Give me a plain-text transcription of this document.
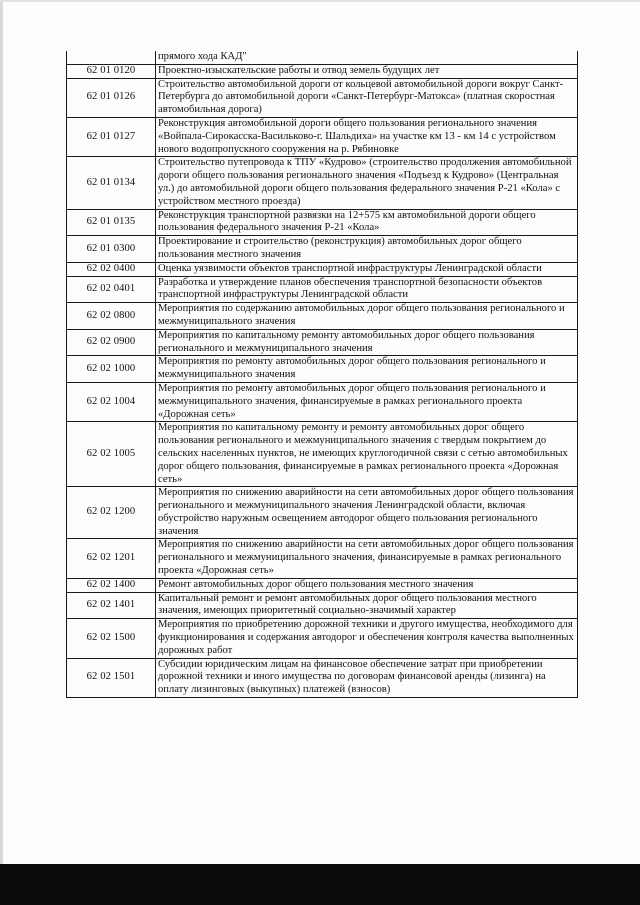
	прямого хода КАД"
62 01 0120	Проектно-изыскательские работы и отвод земель будущих лет
62 01 0126	Строительство автомобильной дороги от кольцевой автомобильной дороги вокруг Санкт-Петербурга до автомобильной дороги «Санкт-Петербург-Матокса» (платная скоростная автомобильная дорога)
62 01 0127	Реконструкция автомобильной дороги общего пользования регионального значения «Войпала-Сирокасска-Васильково-г. Шальдиха» на участке км 13 - км 14 с устройством нового водопропускного сооружения на р. Рябиновке
62 01 0134	Строительство путепровода к ТПУ «Кудрово» (строительство продолжения автомобильной дороги общего пользования регионального значения «Подъезд к Кудрово» (Центральная ул.) до автомобильной дороги общего пользования федерального значения Р-21 «Кола» с устройством местного проезда)
62 01 0135	Реконструкция транспортной развязки на 12+575 км автомобильной дороги общего пользования федерального значения Р-21 «Кола»
62 01 0300	Проектирование и строительство (реконструкция) автомобильных дорог общего пользования местного значения
62 02 0400	Оценка уязвимости объектов транспортной инфраструктуры Ленинградской области
62 02 0401	Разработка и утверждение планов обеспечения транспортной безопасности объектов транспортной инфраструктуры Ленинградской области
62 02 0800	Мероприятия по содержанию автомобильных дорог общего пользования регионального и межмуниципального значения
62 02 0900	Мероприятия по капитальному ремонту автомобильных дорог общего пользования регионального и межмуниципального значения
62 02 1000	Мероприятия по ремонту автомобильных дорог общего пользования регионального и межмуниципального значения
62 02 1004	Мероприятия по ремонту автомобильных дорог общего пользования регионального и межмуниципального значения, финансируемые в рамках регионального проекта «Дорожная сеть»
62 02 1005	Мероприятия по капитальному ремонту и ремонту автомобильных дорог общего пользования регионального и межмуниципального значения с твердым покрытием до сельских населенных пунктов, не имеющих круглогодичной связи с сетью автомобильных дорог общего пользования, финансируемые в рамках регионального проекта «Дорожная сеть»
62 02 1200	Мероприятия по снижению аварийности на сети автомобильных дорог общего пользования регионального и межмуниципального значения Ленинградской области, включая обустройство наружным освещением автодорог общего пользования регионального значения
62 02 1201	Мероприятия по снижению аварийности на сети автомобильных дорог общего пользования регионального и межмуниципального значения, финансируемые в рамках регионального проекта «Дорожная сеть»
62 02 1400	Ремонт автомобильных дорог общего пользования местного значения
62 02 1401	Капитальный ремонт и ремонт автомобильных дорог общего пользования местного значения, имеющих приоритетный социально-значимый характер
62 02 1500	Мероприятия по приобретению дорожной техники и другого имущества, необходимого для функционирования и содержания автодорог и обеспечения контроля качества выполненных дорожных работ
62 02 1501	Субсидии юридическим лицам на финансовое обеспечение затрат при приобретении дорожной техники и иного имущества по договорам финансовой аренды (лизинга) на оплату лизинговых (выкупных) платежей (взносов)
